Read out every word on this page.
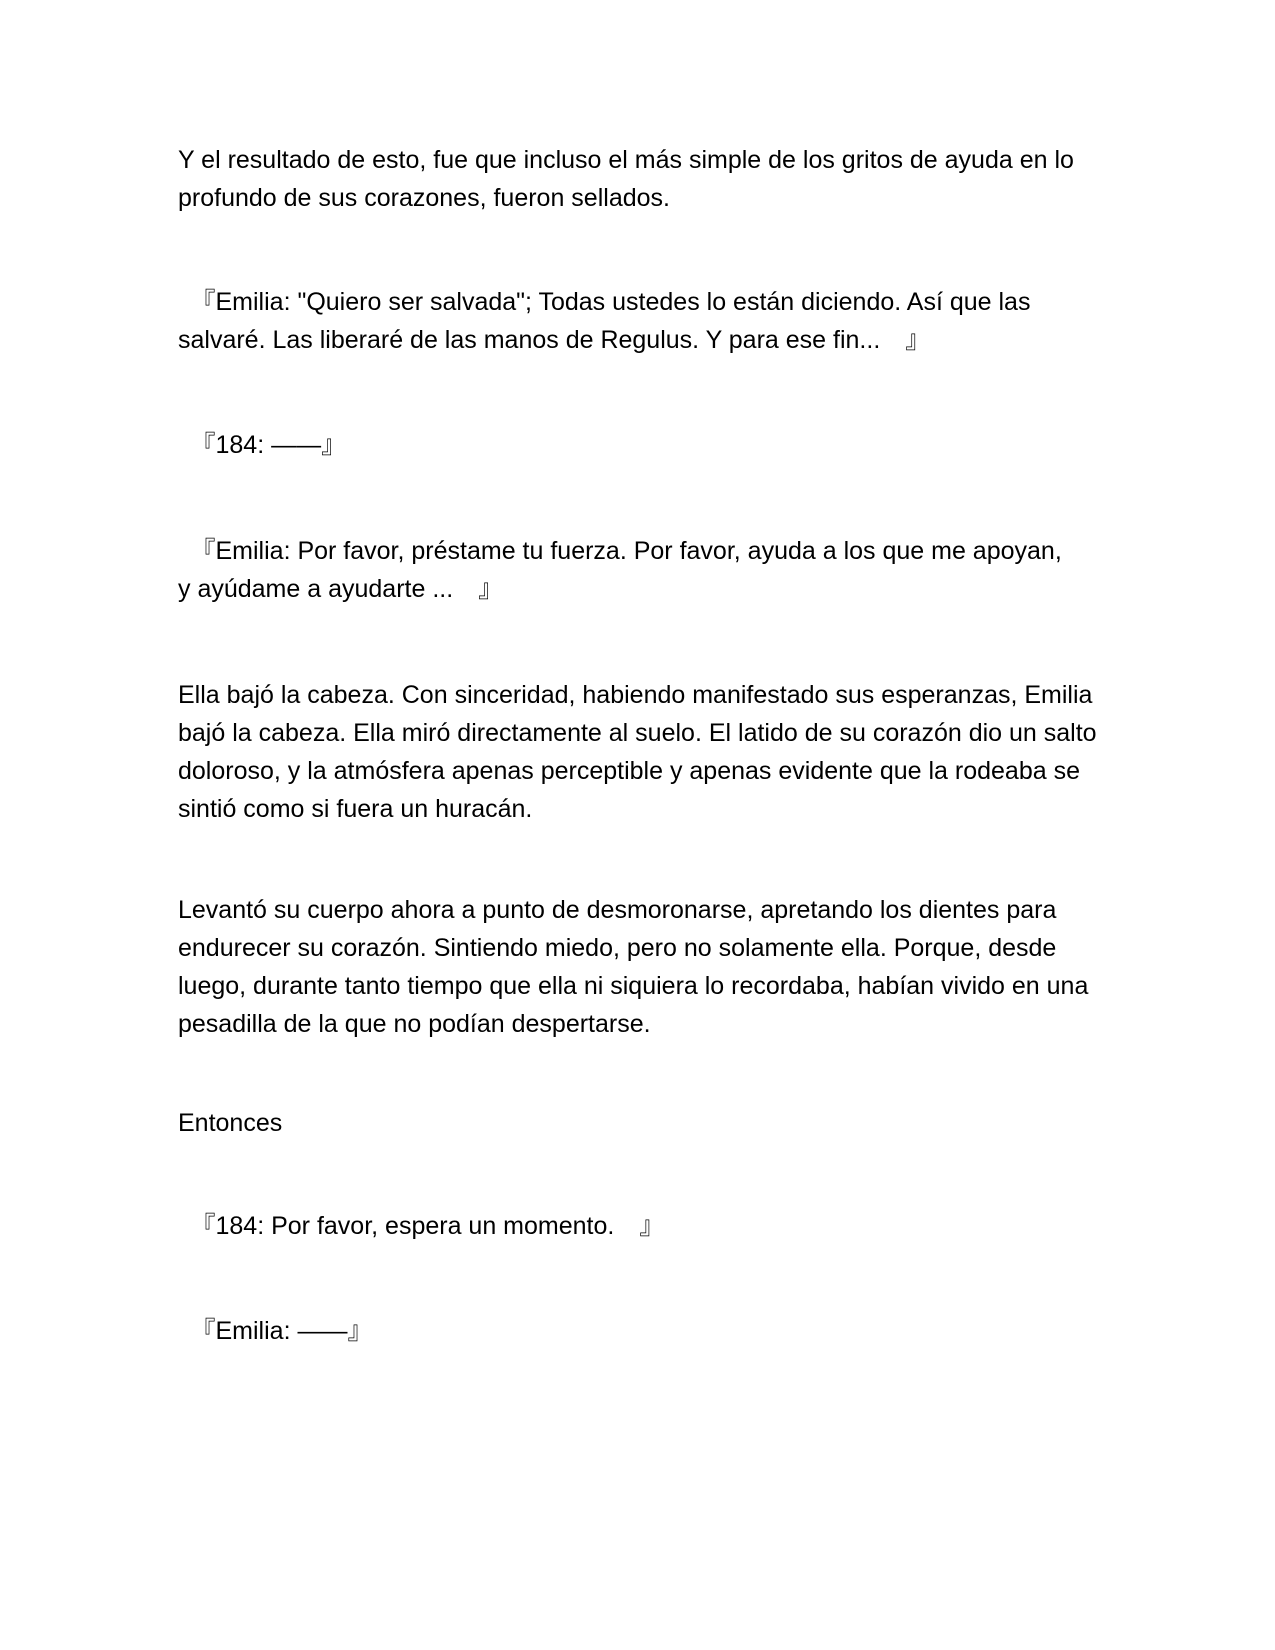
Y el resultado de esto, fue que incluso el más simple de los gritos de ayuda en lo profundo de sus corazones, fueron sellados.

　『Emilia: "Quiero ser salvada"; Todas ustedes lo están diciendo. Así que las salvaré. Las liberaré de las manos de Regulus. Y para ese fin...　』

　『184: ——』

　『Emilia: Por favor, préstame tu fuerza. Por favor, ayuda a los que me apoyan, y ayúdame a ayudarte ...　』

Ella bajó la cabeza. Con sinceridad, habiendo manifestado sus esperanzas, Emilia bajó la cabeza. Ella miró directamente al suelo. El latido de su corazón dio un salto doloroso, y la atmósfera apenas perceptible y apenas evidente que la rodeaba se sintió como si fuera un huracán.

Levantó su cuerpo ahora a punto de desmoronarse, apretando los dientes para endurecer su corazón. Sintiendo miedo, pero no solamente ella. Porque, desde luego, durante tanto tiempo que ella ni siquiera lo recordaba, habían vivido en una pesadilla de la que no podían despertarse.

Entonces

　『184: Por favor, espera un momento.　』

　『Emilia: ——』
